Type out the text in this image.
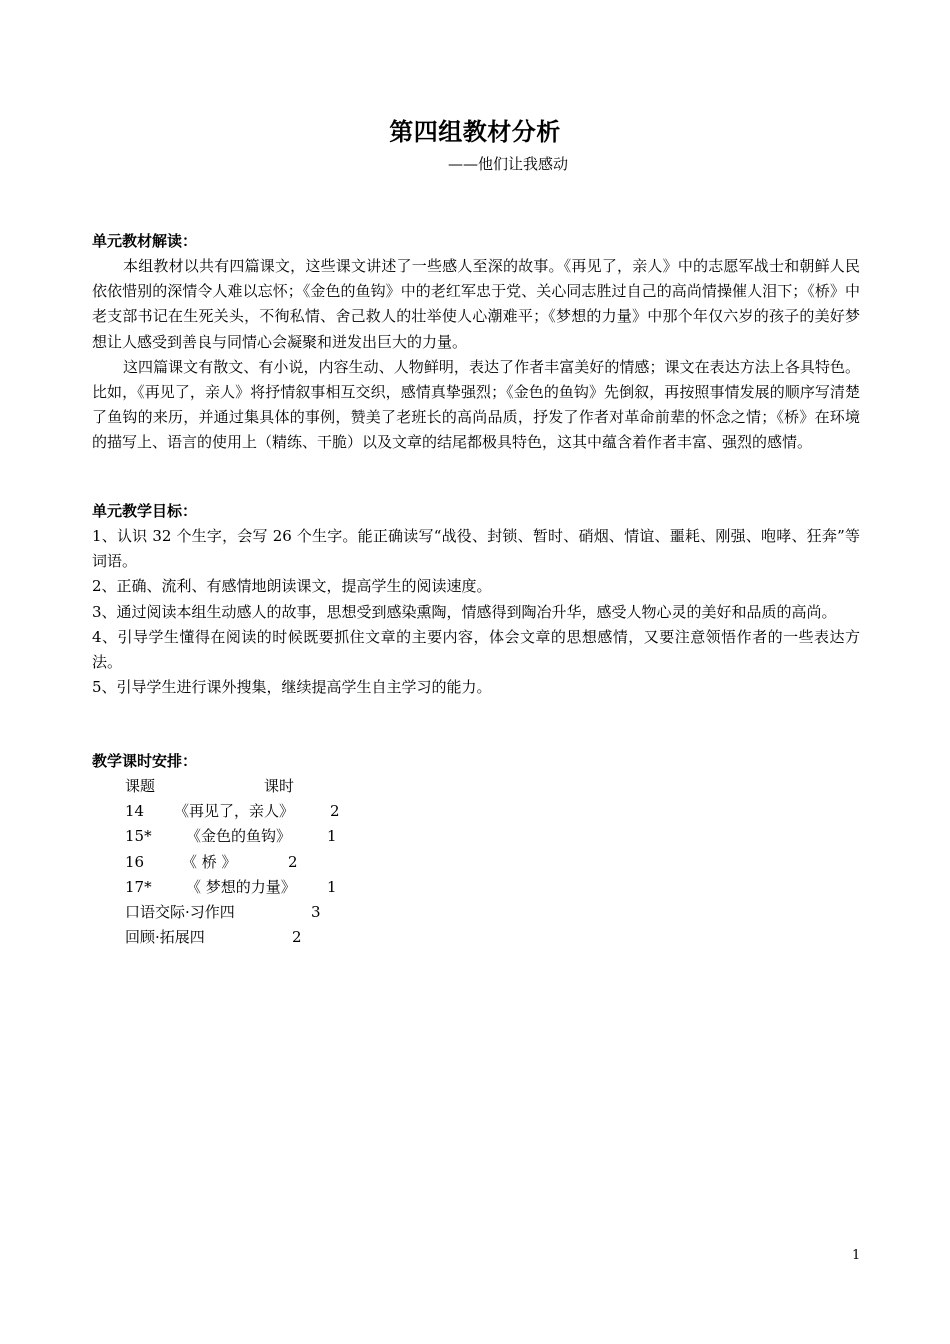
第四组教材分析
——他们让我感动
单元教材解读：
本组教材以共有四篇课文，这些课文讲述了一些感人至深的故事。《再见了，亲人》中的志愿军战士和朝鲜人民依依惜别的深情令人难以忘怀；《金色的鱼钩》中的老红军忠于党、关心同志胜过自己的高尚情操催人泪下；《桥》中老支部书记在生死关头，不徇私情、舍己救人的壮举使人心潮难平；《梦想的力量》中那个年仅六岁的孩子的美好梦想让人感受到善良与同情心会凝聚和迸发出巨大的力量。
这四篇课文有散文、有小说，内容生动、人物鲜明，表达了作者丰富美好的情感；课文在表达方法上各具特色。比如，《再见了，亲人》将抒情叙事相互交织，感情真挚强烈；《金色的鱼钩》先倒叙，再按照事情发展的顺序写清楚了鱼钩的来历，并通过集具体的事例，赞美了老班长的高尚品质，抒发了作者对革命前辈的怀念之情；《桥》在环境的描写上、语言的使用上（精练、干脆）以及文章的结尾都极具特色，这其中蕴含着作者丰富、强烈的感情。
单元教学目标：
1、认识 32 个生字，会写 26 个生字。能正确读写“战役、封锁、暂时、硝烟、情谊、噩耗、刚强、咆哮、狂奔”等词语。
2、正确、流利、有感情地朗读课文，提高学生的阅读速度。
3、通过阅读本组生动感人的故事，思想受到感染熏陶，情感得到陶冶升华，感受人物心灵的美好和品质的高尚。
4、引导学生懂得在阅读的时候既要抓住文章的主要内容，体会文章的思想感情，又要注意领悟作者的一些表达方法。
5、引导学生进行课外搜集，继续提高学生自主学习的能力。
教学课时安排：
课题	课时
14 《再见了，亲人》 2
15* 《金色的鱼钩》 1
16	《 桥 》	2
17* 《 梦想的力量》 1
口语交际·习作四	3
回顾·拓展四	2
1
